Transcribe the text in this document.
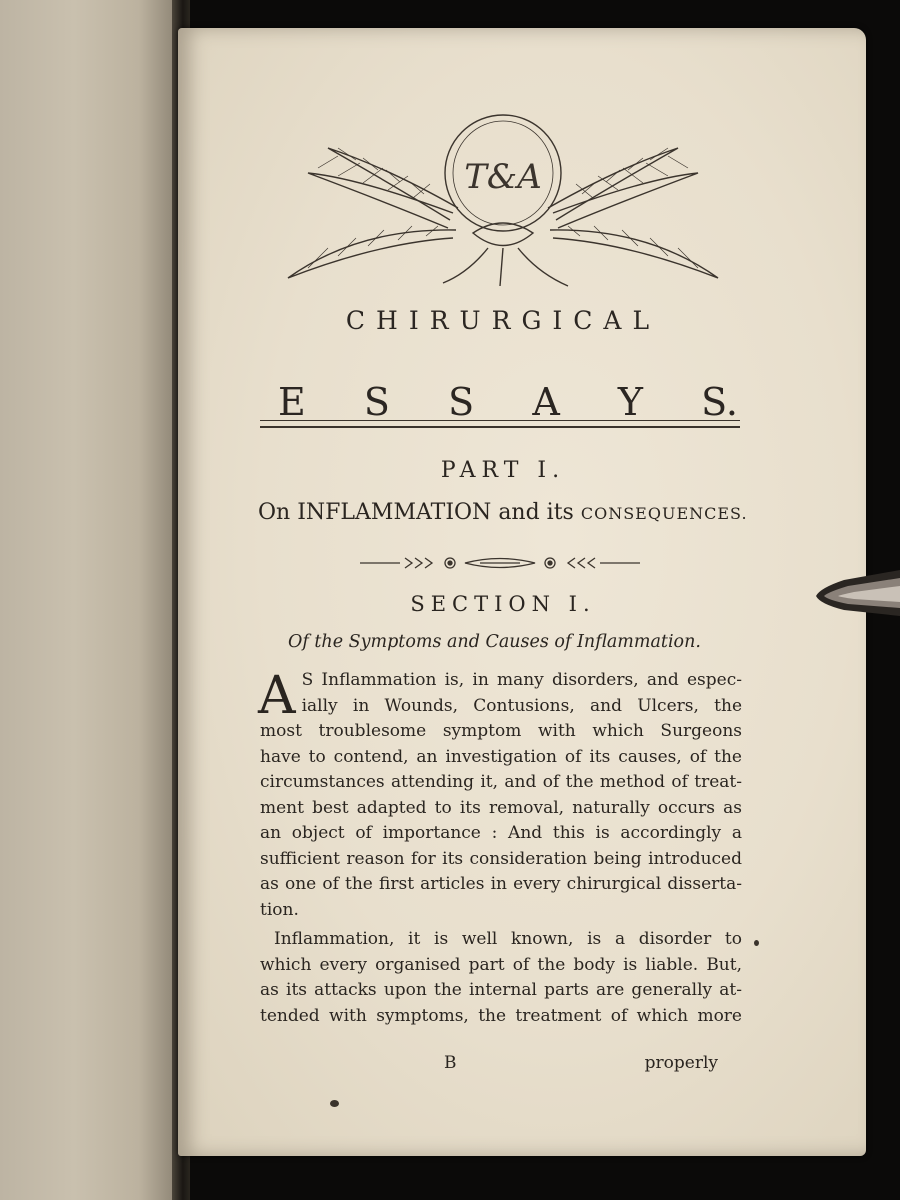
T&A
CHIRURGICAL
E S S A Y S.
PART I.
On INFLAMMATION and its CONSEQUENCES.
SECTION I.
Of the Symptoms and Causes of Inflammation.
A S Inflammation is, in many disorders, and espec-
ially in Wounds, Contusions, and Ulcers, the
most troublesome symptom with which Surgeons
have to contend, an investigation of its causes, of the
circumstances attending it, and of the method of treat-
ment best adapted to its removal, naturally occurs as
an object of importance : And this is accordingly a
sufficient reason for its consideration being introduced
as one of the first articles in every chirurgical disserta-
tion.
Inflammation, it is well known, is a disorder to
which every organised part of the body is liable. But,
as its attacks upon the internal parts are generally at-
tended with symptoms, the treatment of which more
B	properly
